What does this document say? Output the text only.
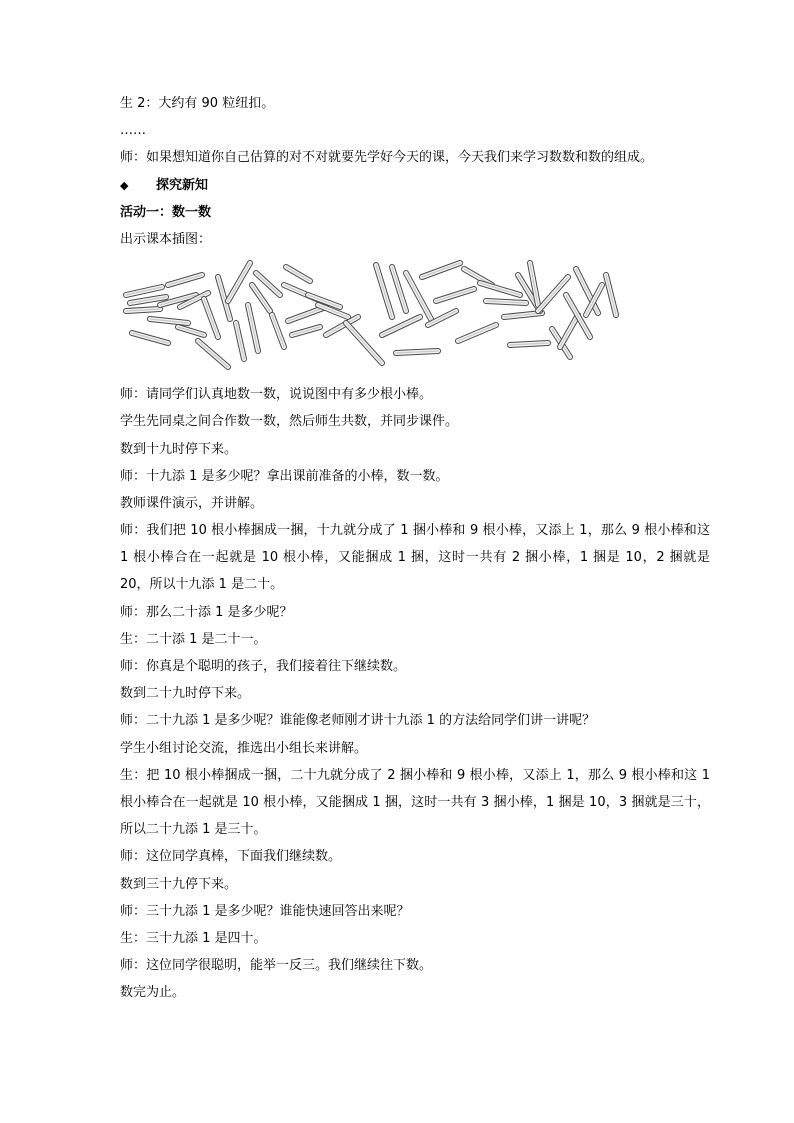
生 2：大约有 90 粒纽扣。
……
师：如果想知道你自己估算的对不对就要先学好今天的课，今天我们来学习数数和数的组成。
◆ 探究新知
活动一：数一数
出示课本插图：
师：请同学们认真地数一数，说说图中有多少根小棒。
学生先同桌之间合作数一数，然后师生共数，并同步课件。
数到十九时停下来。
师：十九添 1 是多少呢？拿出课前准备的小棒，数一数。
教师课件演示，并讲解。
师：我们把 10 根小棒捆成一捆，十九就分成了 1 捆小棒和 9 根小棒，又添上 1，那么 9 根小棒和这 1 根小棒合在一起就是 10 根小棒，又能捆成 1 捆，这时一共有 2 捆小棒，1 捆是 10，2 捆就是 20，所以十九添 1 是二十。
师：那么二十添 1 是多少呢？
生：二十添 1 是二十一。
师：你真是个聪明的孩子，我们接着往下继续数。
数到二十九时停下来。
师：二十九添 1 是多少呢？谁能像老师刚才讲十九添 1 的方法给同学们讲一讲呢？
学生小组讨论交流，推选出小组长来讲解。
生：把 10 根小棒捆成一捆，二十九就分成了 2 捆小棒和 9 根小棒，又添上 1，那么 9 根小棒和这 1 根小棒合在一起就是 10 根小棒，又能捆成 1 捆，这时一共有 3 捆小棒，1 捆是 10，3 捆就是三十，所以二十九添 1 是三十。
师：这位同学真棒，下面我们继续数。
数到三十九停下来。
师：三十九添 1 是多少呢？谁能快速回答出来呢？
生：三十九添 1 是四十。
师：这位同学很聪明，能举一反三。我们继续往下数。
数完为止。
